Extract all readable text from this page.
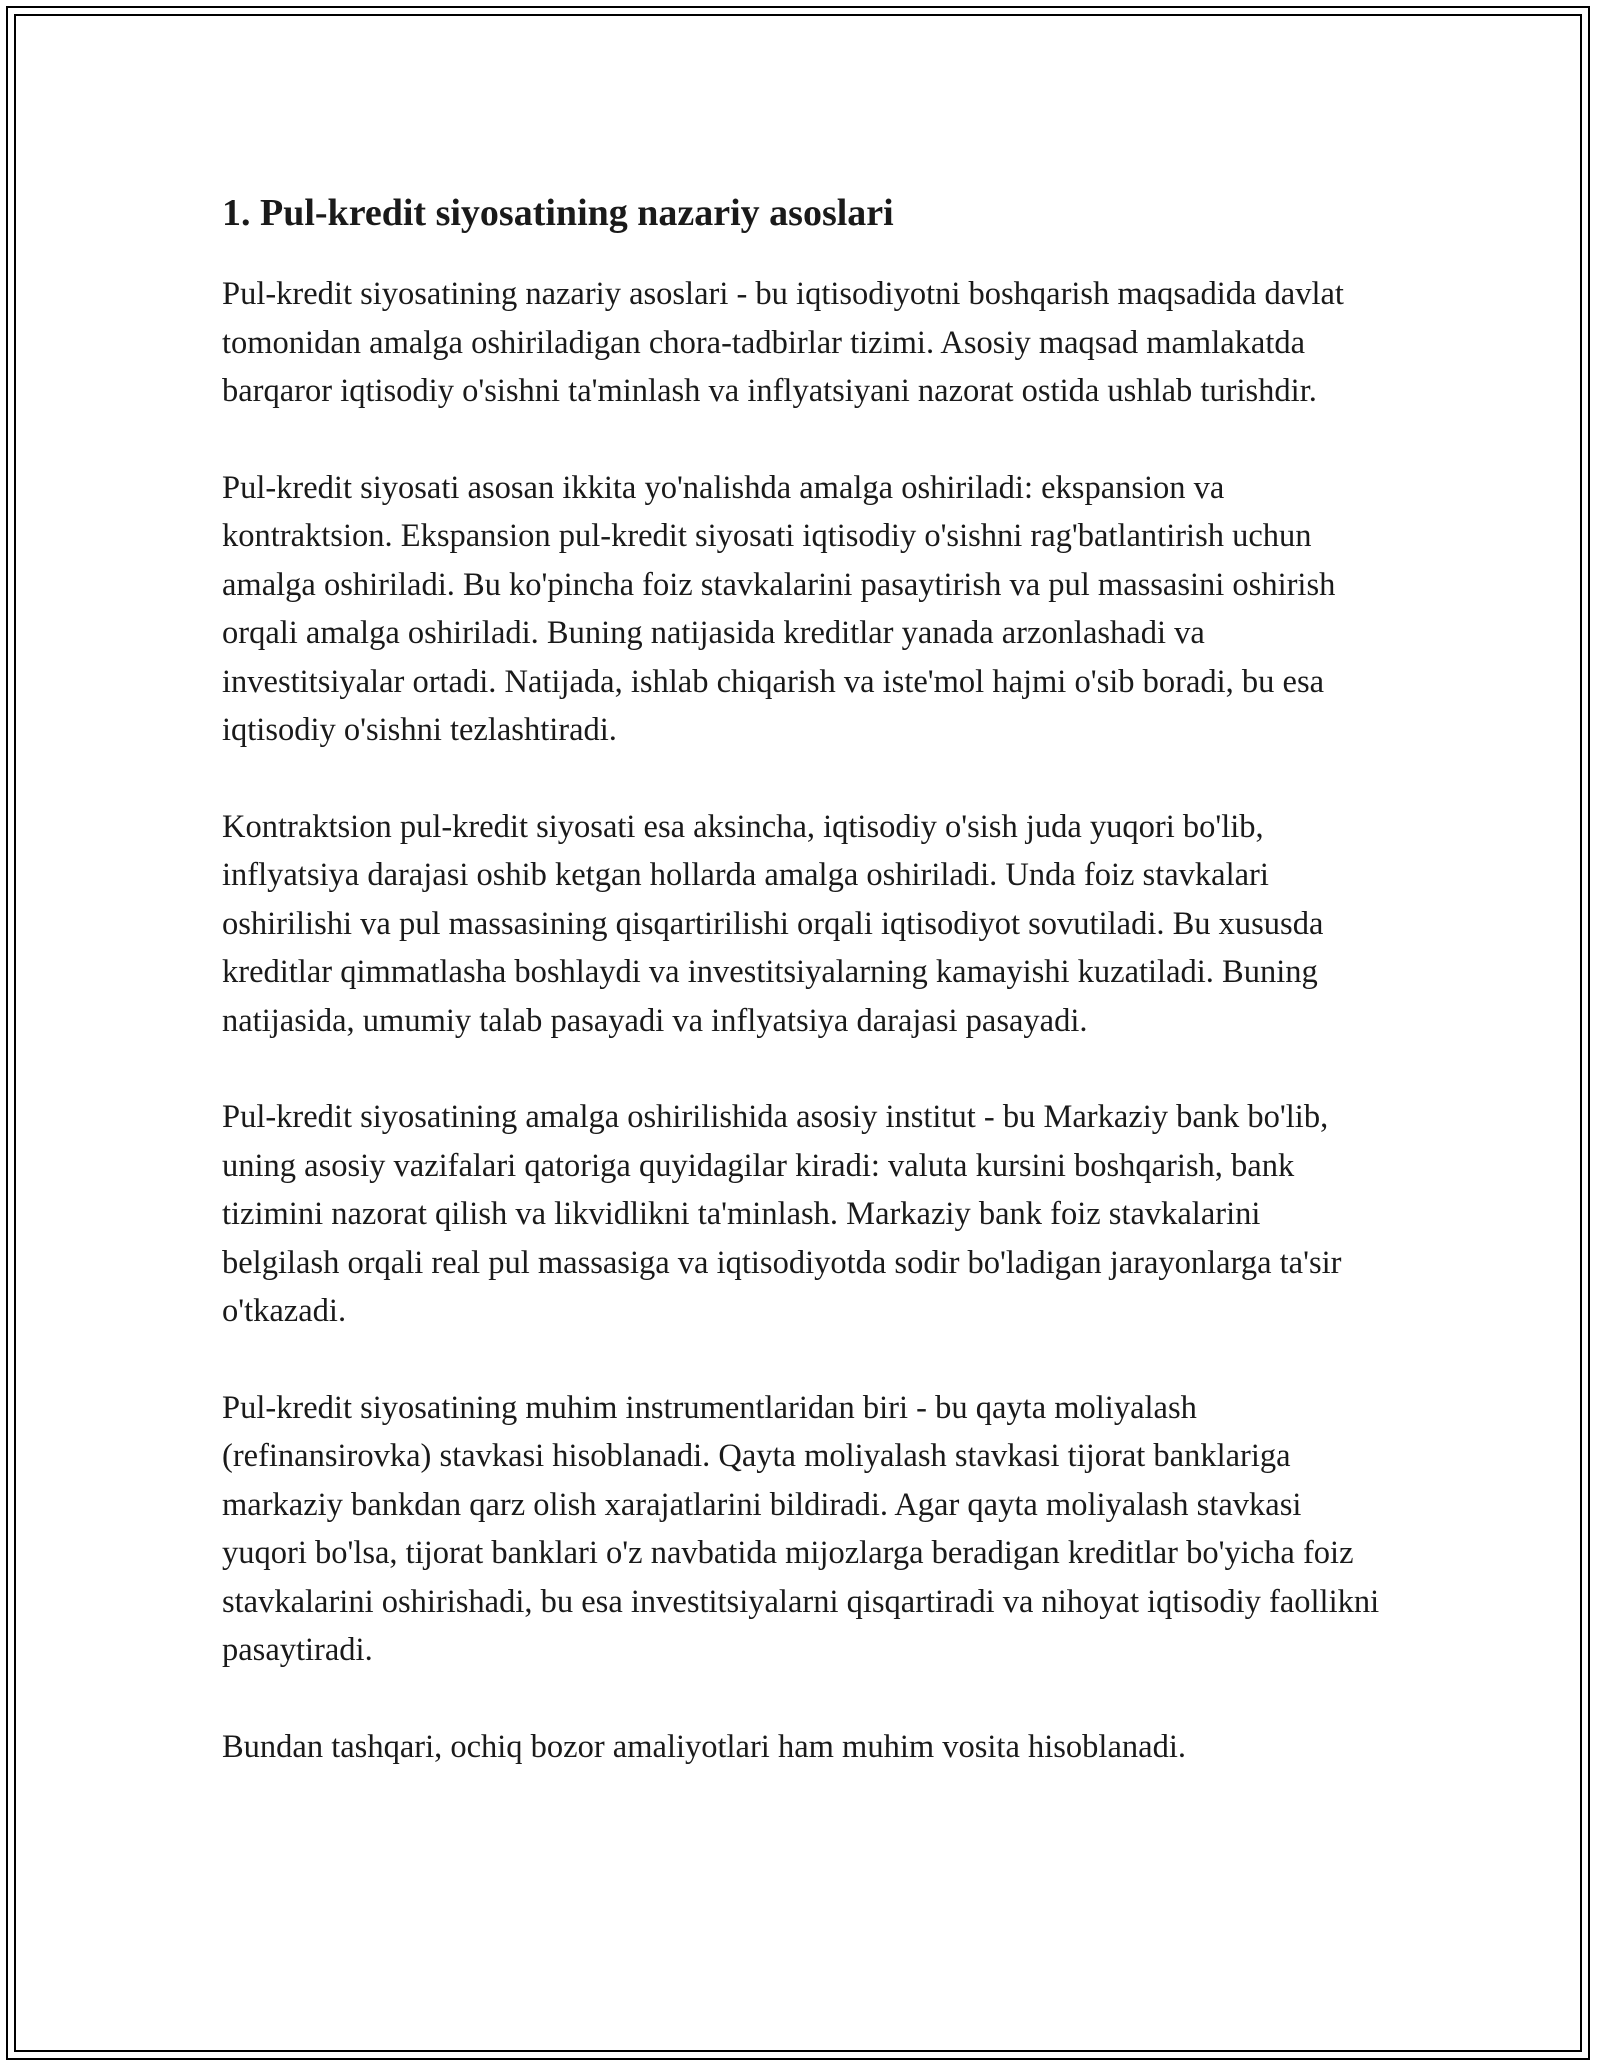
1. Pul-kredit siyosatining nazariy asoslari

Pul-kredit siyosatining nazariy asoslari - bu iqtisodiyotni boshqarish maqsadida davlat tomonidan amalga oshiriladigan chora-tadbirlar tizimi. Asosiy maqsad mamlakatda barqaror iqtisodiy o'sishni ta'minlash va inflyatsiyani nazorat ostida ushlab turishdir.

Pul-kredit siyosati asosan ikkita yo'nalishda amalga oshiriladi: ekspansion va kontraktsion. Ekspansion pul-kredit siyosati iqtisodiy o'sishni rag'batlantirish uchun amalga oshiriladi. Bu ko'pincha foiz stavkalarini pasaytirish va pul massasini oshirish orqali amalga oshiriladi. Buning natijasida kreditlar yanada arzonlashadi va investitsiyalar ortadi. Natijada, ishlab chiqarish va iste'mol hajmi o'sib boradi, bu esa iqtisodiy o'sishni tezlashtiradi.

Kontraktsion pul-kredit siyosati esa aksincha, iqtisodiy o'sish juda yuqori bo'lib, inflyatsiya darajasi oshib ketgan hollarda amalga oshiriladi. Unda foiz stavkalari oshirilishi va pul massasining qisqartirilishi orqali iqtisodiyot sovutiladi. Bu xususda kreditlar qimmatlasha boshlaydi va investitsiyalarning kamayishi kuzatiladi. Buning natijasida, umumiy talab pasayadi va inflyatsiya darajasi pasayadi.

Pul-kredit siyosatining amalga oshirilishida asosiy institut - bu Markaziy bank bo'lib, uning asosiy vazifalari qatoriga quyidagilar kiradi: valuta kursini boshqarish, bank tizimini nazorat qilish va likvidlikni ta'minlash. Markaziy bank foiz stavkalarini belgilash orqali real pul massasiga va iqtisodiyotda sodir bo'ladigan jarayonlarga ta'sir o'tkazadi.

Pul-kredit siyosatining muhim instrumentlaridan biri - bu qayta moliyalash (refinansirovka) stavkasi hisoblanadi. Qayta moliyalash stavkasi tijorat banklariga markaziy bankdan qarz olish xarajatlarini bildiradi. Agar qayta moliyalash stavkasi yuqori bo'lsa, tijorat banklari o'z navbatida mijozlarga beradigan kreditlar bo'yicha foiz stavkalarini oshirishadi, bu esa investitsiyalarni qisqartiradi va nihoyat iqtisodiy faollikni pasaytiradi.

Bundan tashqari, ochiq bozor amaliyotlari ham muhim vosita hisoblanadi.
